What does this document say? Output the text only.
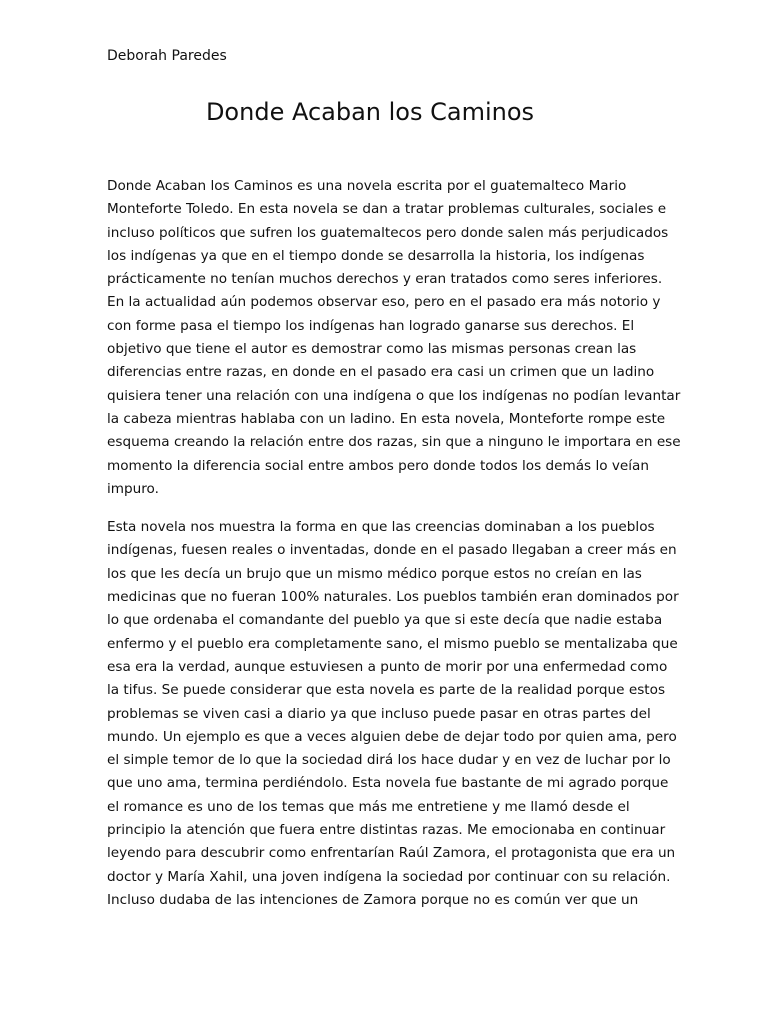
Deborah Paredes
Donde Acaban los Caminos

Donde Acaban los Caminos es una novela escrita por el guatemalteco Mario
Monteforte Toledo. En esta novela se dan a tratar problemas culturales, sociales e
incluso políticos que sufren los guatemaltecos pero donde salen más perjudicados
los indígenas ya que en el tiempo donde se desarrolla la historia, los indígenas
prácticamente no tenían muchos derechos y eran tratados como seres inferiores.
En la actualidad aún podemos observar eso, pero en el pasado era más notorio y
con forme pasa el tiempo los indígenas han logrado ganarse sus derechos. El
objetivo que tiene el autor es demostrar como las mismas personas crean las
diferencias entre razas, en donde en el pasado era casi un crimen que un ladino
quisiera tener una relación con una indígena o que los indígenas no podían levantar
la cabeza mientras hablaba con un ladino. En esta novela, Monteforte rompe este
esquema creando la relación entre dos razas, sin que a ninguno le importara en ese
momento la diferencia social entre ambos pero donde todos los demás lo veían
impuro.

Esta novela nos muestra la forma en que las creencias dominaban a los pueblos
indígenas, fuesen reales o inventadas, donde en el pasado llegaban a creer más en
los que les decía un brujo que un mismo médico porque estos no creían en las
medicinas que no fueran 100% naturales. Los pueblos también eran dominados por
lo que ordenaba el comandante del pueblo ya que si este decía que nadie estaba
enfermo y el pueblo era completamente sano, el mismo pueblo se mentalizaba que
esa era la verdad, aunque estuviesen a punto de morir por una enfermedad como
la tifus. Se puede considerar que esta novela es parte de la realidad porque estos
problemas se viven casi a diario ya que incluso puede pasar en otras partes del
mundo. Un ejemplo es que a veces alguien debe de dejar todo por quien ama, pero
el simple temor de lo que la sociedad dirá los hace dudar y en vez de luchar por lo
que uno ama, termina perdiéndolo. Esta novela fue bastante de mi agrado porque
el romance es uno de los temas que más me entretiene y me llamó desde el
principio la atención que fuera entre distintas razas. Me emocionaba en continuar
leyendo para descubrir como enfrentarían Raúl Zamora, el protagonista que era un
doctor y María Xahil, una joven indígena la sociedad por continuar con su relación.
Incluso dudaba de las intenciones de Zamora porque no es común ver que un
